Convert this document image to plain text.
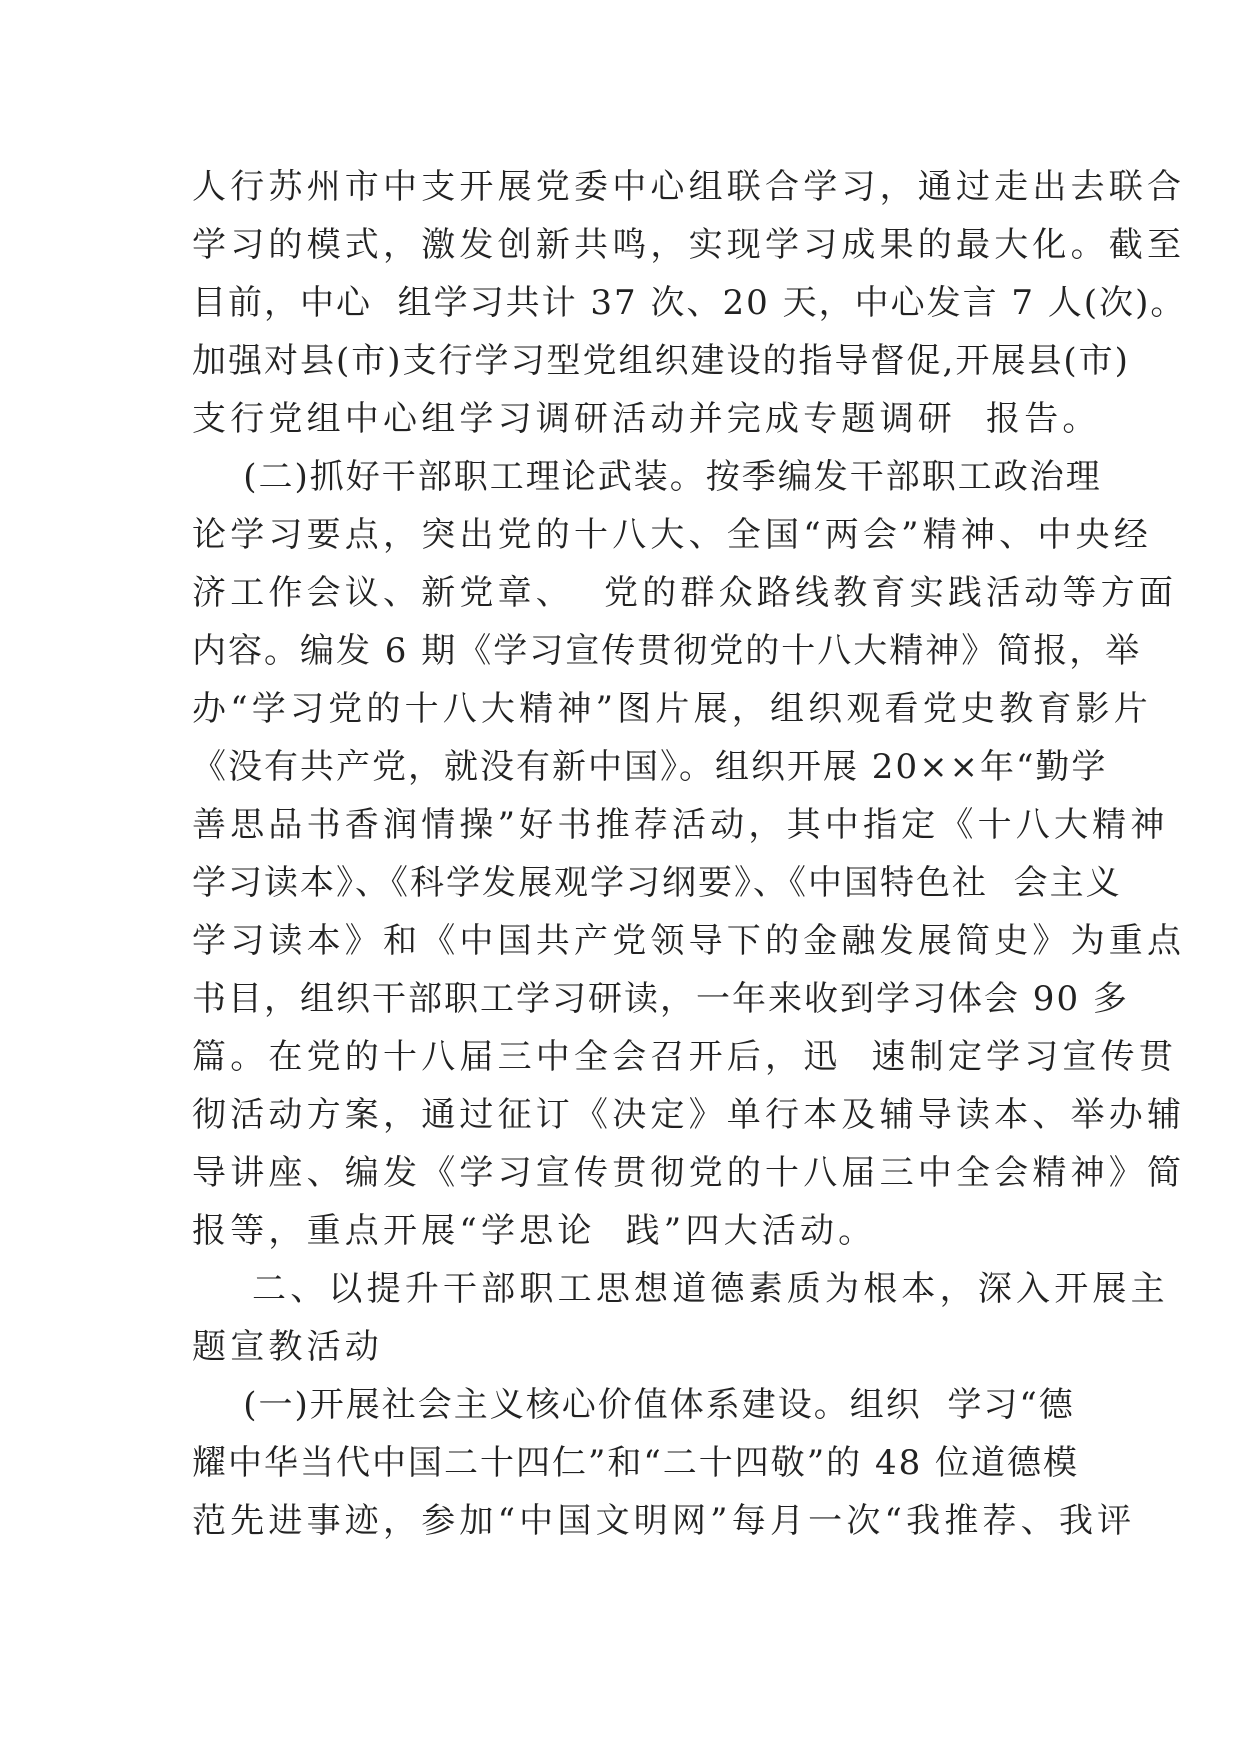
人行苏州市中支开展党委中心组联合学习，通过走出去联合

学习的模式，激发创新共鸣，实现学习成果的最大化。截至

目前，中心  组学习共计 37 次、20 天，中心发言 7 人(次)。

加强对县(市)支行学习型党组织建设的指导督促,开展县(市)

支行党组中心组学习调研活动并完成专题调研  报告。

(二)抓好干部职工理论武装。按季编发干部职工政治理

论学习要点，突出党的十八大、全国“两会”精神、中央经

济工作会议、新党章、  党的群众路线教育实践活动等方面

内容。编发 6 期《学习宣传贯彻党的十八大精神》简报，举

办“学习党的十八大精神”图片展，组织观看党史教育影片

《没有共产党，就没有新中国》。组织开展 20××年“勤学

善思品书香润情操”好书推荐活动，其中指定《十八大精神

学习读本》、《科学发展观学习纲要》、《中国特色社  会主义

学习读本》和《中国共产党领导下的金融发展简史》为重点

书目，组织干部职工学习研读，一年来收到学习体会 90 多

篇。在党的十八届三中全会召开后，迅  速制定学习宣传贯

彻活动方案，通过征订《决定》单行本及辅导读本、举办辅

导讲座、编发《学习宣传贯彻党的十八届三中全会精神》简

报等，重点开展“学思论  践”四大活动。

二、以提升干部职工思想道德素质为根本，深入开展主

题宣教活动

(一)开展社会主义核心价值体系建设。组织  学习“德

耀中华当代中国二十四仁”和“二十四敬”的 48 位道德模

范先进事迹，参加“中国文明网”每月一次“我推荐、我评
